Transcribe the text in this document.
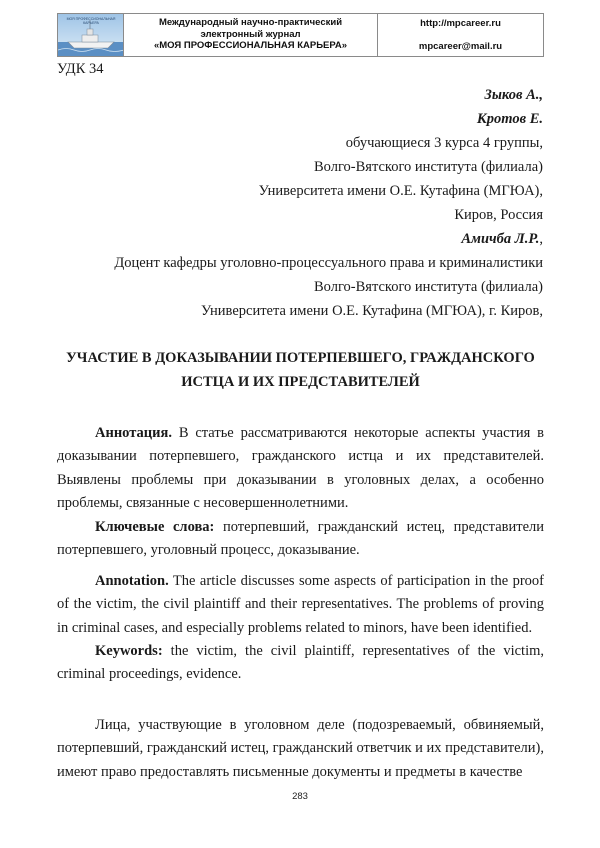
МОЯ ПРОФЕССИОНАЛЬНАЯ КАРЬЕРА	Международный научно-практический
электронный журнал
«МОЯ ПРОФЕССИОНАЛЬНАЯ КАРЬЕРА»
http://mpcareer.ru
mpcareer@mail.ru
УДК 34
Зыков А.,
Кротов Е.
обучающиеся 3 курса 4 группы,
Волго-Вятского института (филиала)
Университета имени О.Е. Кутафина (МГЮА),
Киров, Россия
Амичба Л.Р.,
Доцент кафедры уголовно-процессуального права и криминалистики
Волго-Вятского института (филиала)
Университета имени О.Е. Кутафина (МГЮА), г. Киров,
УЧАСТИЕ В ДОКАЗЫВАНИИ ПОТЕРПЕВШЕГО, ГРАЖДАНСКОГО
ИСТЦА И ИХ ПРЕДСТАВИТЕЛЕЙ
Аннотация. В статье рассматриваются некоторые аспекты участия в доказывании потерпевшего, гражданского истца и их представителей. Выявлены проблемы при доказывании в уголовных делах, а особенно проблемы, связанные с несовершеннолетними.
Ключевые слова: потерпевший, гражданский истец, представители потерпевшего, уголовный процесс, доказывание.
Annotation. The article discusses some aspects of participation in the proof of the victim, the civil plaintiff and their representatives. The problems of proving in criminal cases, and especially problems related to minors, have been identified.
Keywords: the victim, the civil plaintiff, representatives of the victim, criminal proceedings, evidence.
Лица, участвующие в уголовном деле (подозреваемый, обвиняемый, потерпевший, гражданский истец, гражданский ответчик и их представители), имеют право предоставлять письменные документы и предметы в качестве
283
